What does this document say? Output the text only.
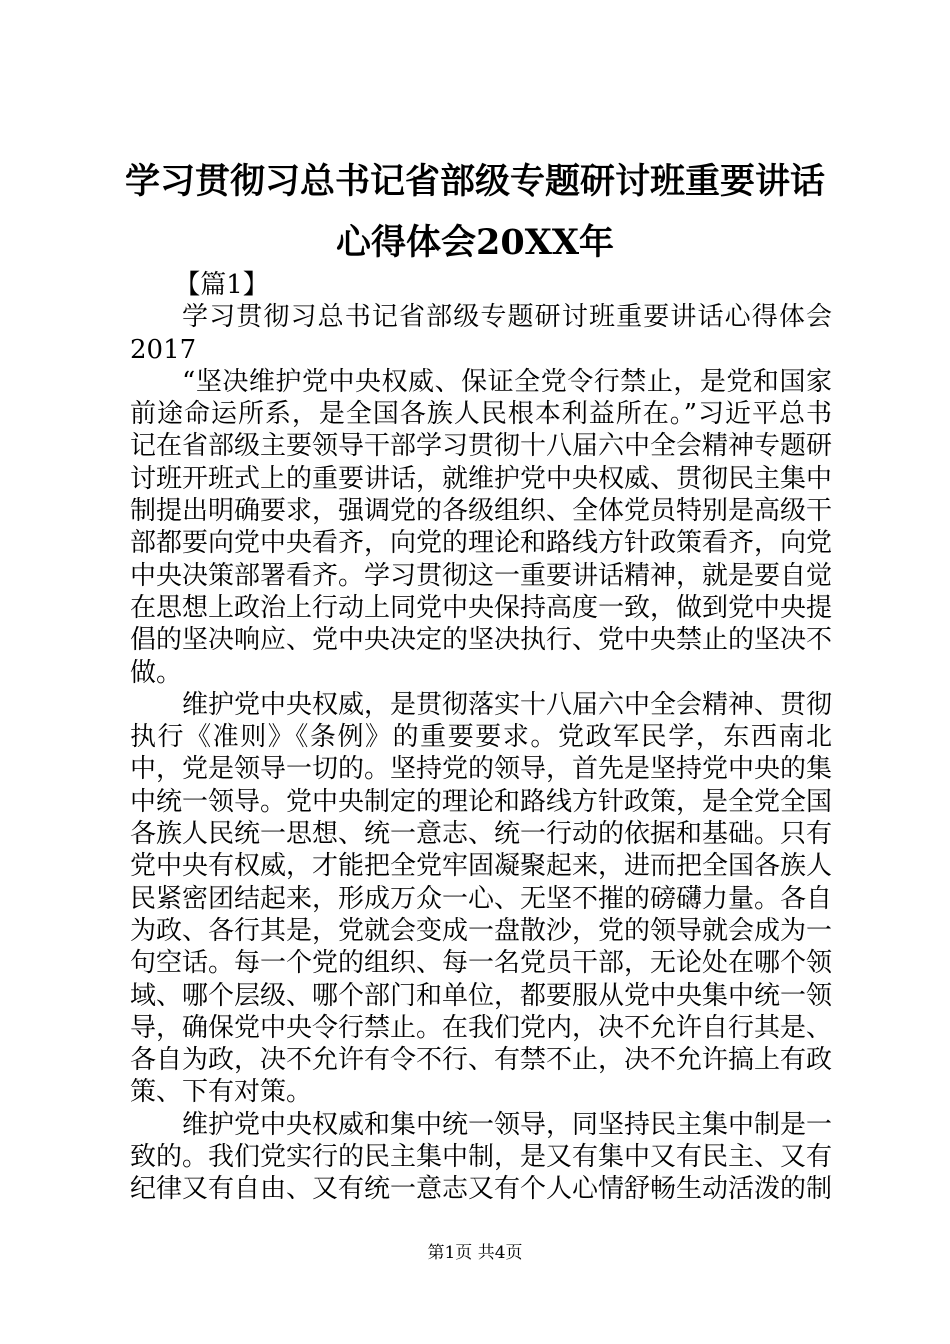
学习贯彻习总书记省部级专题研讨班重要讲话
心得体会20XX年

【篇1】

学习贯彻习总书记省部级专题研讨班重要讲话心得体会2017

“坚决维护党中央权威、保证全党令行禁止，是党和国家前途命运所系，是全国各族人民根本利益所在。”习近平总书记在省部级主要领导干部学习贯彻十八届六中全会精神专题研讨班开班式上的重要讲话，就维护党中央权威、贯彻民主集中制提出明确要求，强调党的各级组织、全体党员特别是高级干部都要向党中央看齐，向党的理论和路线方针政策看齐，向党中央决策部署看齐。学习贯彻这一重要讲话精神，就是要自觉在思想上政治上行动上同党中央保持高度一致，做到党中央提倡的坚决响应、党中央决定的坚决执行、党中央禁止的坚决不做。

维护党中央权威，是贯彻落实十八届六中全会精神、贯彻执行《准则》《条例》的重要要求。党政军民学，东西南北中，党是领导一切的。坚持党的领导，首先是坚持党中央的集中统一领导。党中央制定的理论和路线方针政策，是全党全国各族人民统一思想、统一意志、统一行动的依据和基础。只有党中央有权威，才能把全党牢固凝聚起来，进而把全国各族人民紧密团结起来，形成万众一心、无坚不摧的磅礴力量。各自为政、各行其是，党就会变成一盘散沙，党的领导就会成为一句空话。每一个党的组织、每一名党员干部，无论处在哪个领域、哪个层级、哪个部门和单位，都要服从党中央集中统一领导，确保党中央令行禁止。在我们党内，决不允许自行其是、各自为政，决不允许有令不行、有禁不止，决不允许搞上有政策、下有对策。

维护党中央权威和集中统一领导，同坚持民主集中制是一致的。我们党实行的民主集中制，是又有集中又有民主、又有纪律又有自由、又有统一意志又有个人心情舒畅生动活泼的制

第1页 共4页
